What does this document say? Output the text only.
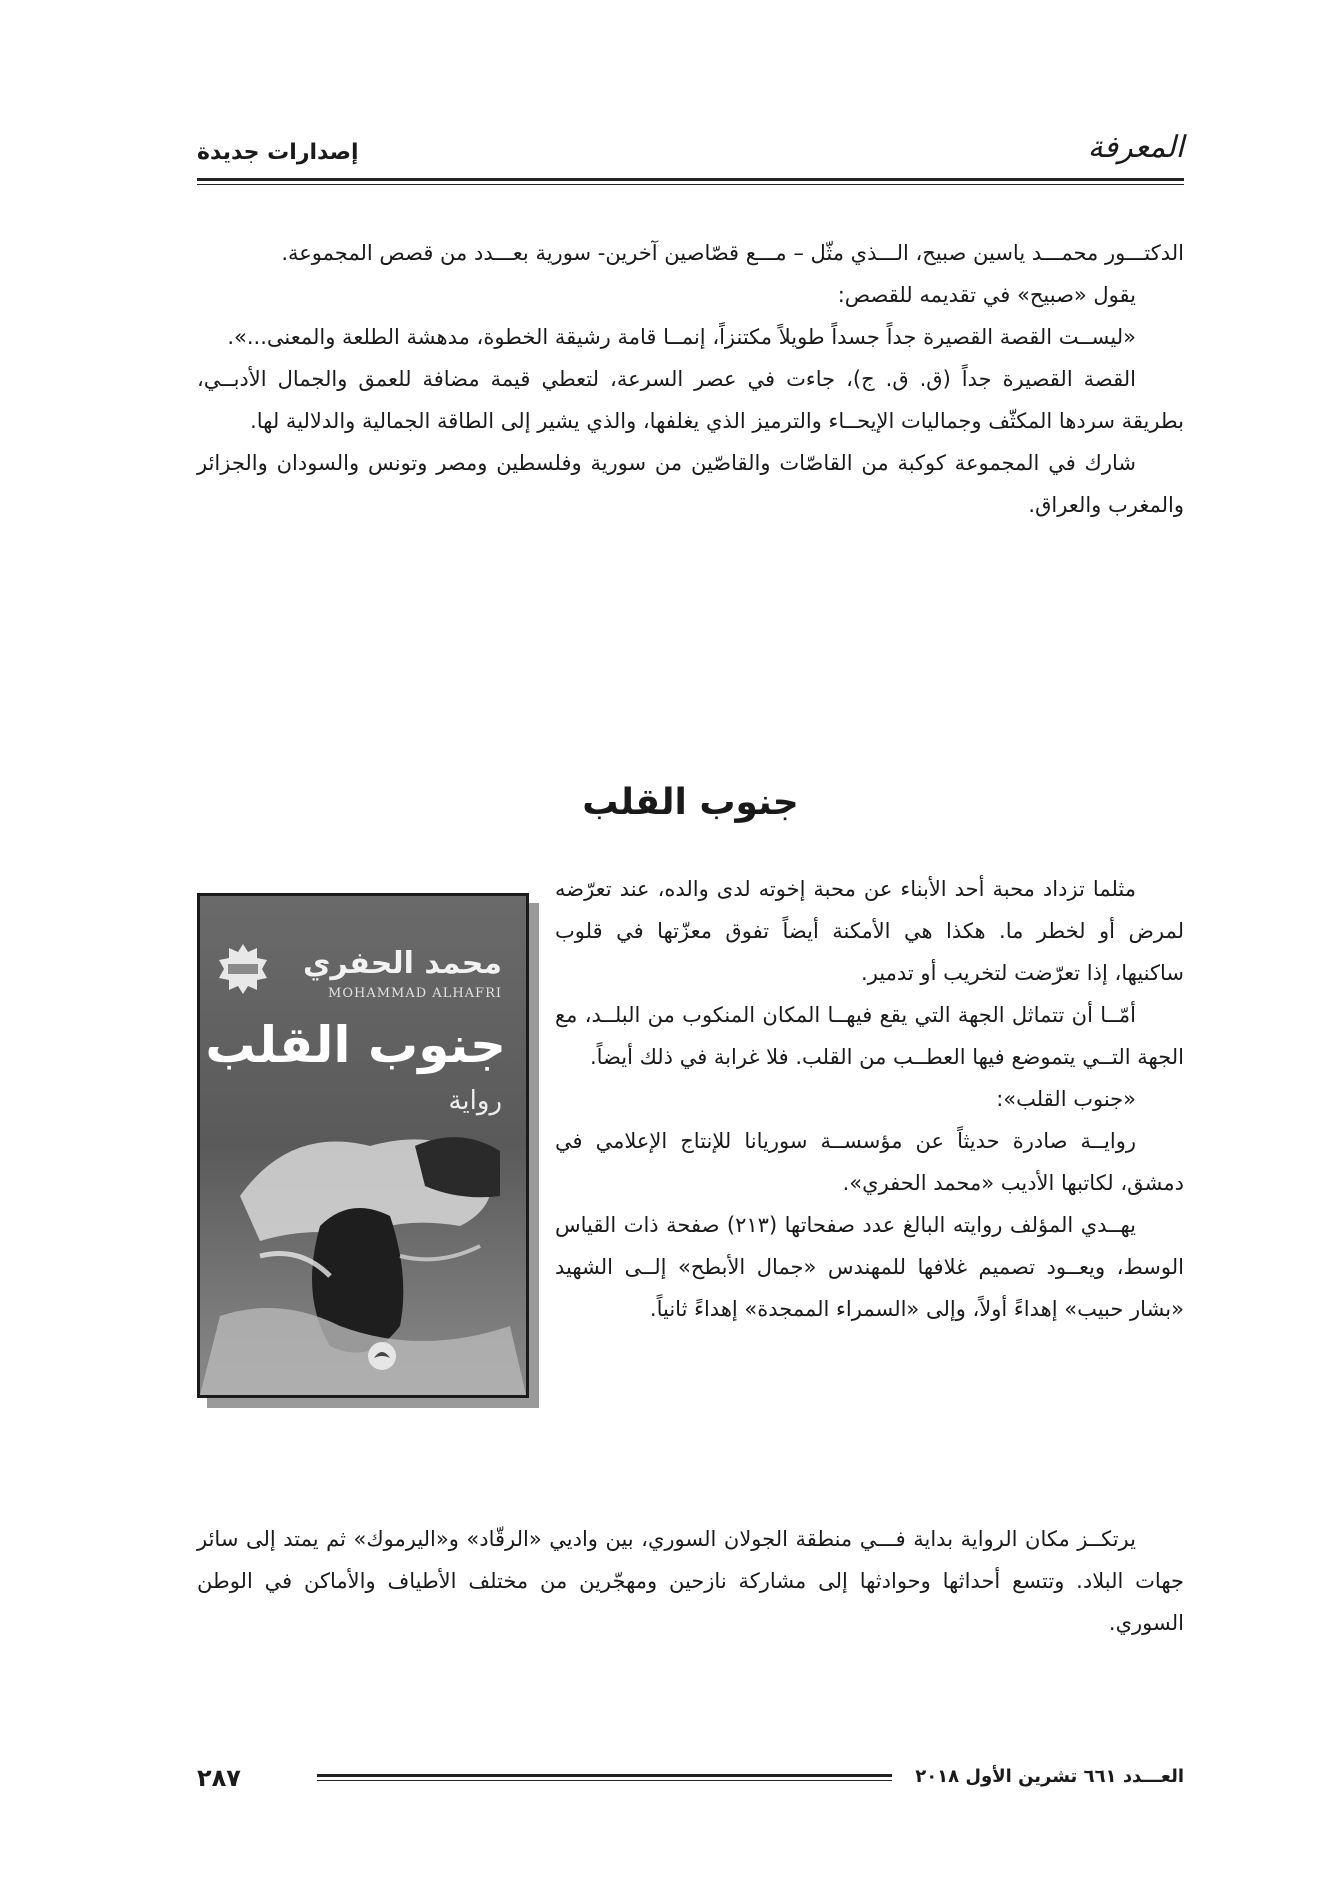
إصدارات جديدة	المعرفة

الدكتـــور محمـــد ياسين صبيح، الـــذي مثّل – مـــع قصّاصين آخرين- سورية بعـــدد من قصص المجموعة.

يقول «صبيح» في تقديمه للقصص:

«ليســت القصة القصيرة جداً جسداً طويلاً مكتنزاً، إنمــا قامة رشيقة الخطوة، مدهشة الطلعة والمعنى...».

القصة القصيرة جداً (ق. ق. ج)، جاءت في عصر السرعة، لتعطي قيمة مضافة للعمق والجمال الأدبــي، بطريقة سردها المكثّف وجماليات الإيحــاء والترميز الذي يغلفها، والذي يشير إلى الطاقة الجمالية والدلالية لها.

شارك في المجموعة كوكبة من القاصّات والقاصّين من سورية وفلسطين ومصر وتونس والسودان والجزائر والمغرب والعراق.

جنوب القلب
محمد الحفري
MOHAMMAD ALHAFRI
جنوب القلب
رواية

مثلما تزداد محبة أحد الأبناء عن محبة إخوته لدى والده، عند تعرّضه لمرض أو لخطر ما. هكذا هي الأمكنة أيضاً تفوق معزّتها في قلوب ساكنيها، إذا تعرّضت لتخريب أو تدمير.

أمّــا أن تتماثل الجهة التي يقع فيهــا المكان المنكوب من البلــد، مع الجهة التــي يتموضع فيها العطــب من القلب. فلا غرابة في ذلك أيضاً.

«جنوب القلب»:

روايــة صادرة حديثاً عن مؤسســة سوريانا للإنتاج الإعلامي في دمشق، لكاتبها الأديب «محمد الحفري».

يهــدي المؤلف روايته البالغ عدد صفحاتها (٢١٣) صفحة ذات القياس الوسط، ويعــود تصميم غلافها للمهندس «جمال الأبطح» إلــى الشهيد «بشار حبيب» إهداءً أولاً، وإلى «السمراء الممجدة» إهداءً ثانياً.

يرتكــز مكان الرواية بداية فـــي منطقة الجولان السوري، بين واديي «الرقّاد» و«اليرموك» ثم يمتد إلى سائر جهات البلاد. وتتسع أحداثها وحوادثها إلى مشاركة نازحين ومهجّرين من مختلف الأطياف والأماكن في الوطن السوري.

٢٨٧	العـــدد ٦٦١ تشرين الأول ٢٠١٨
